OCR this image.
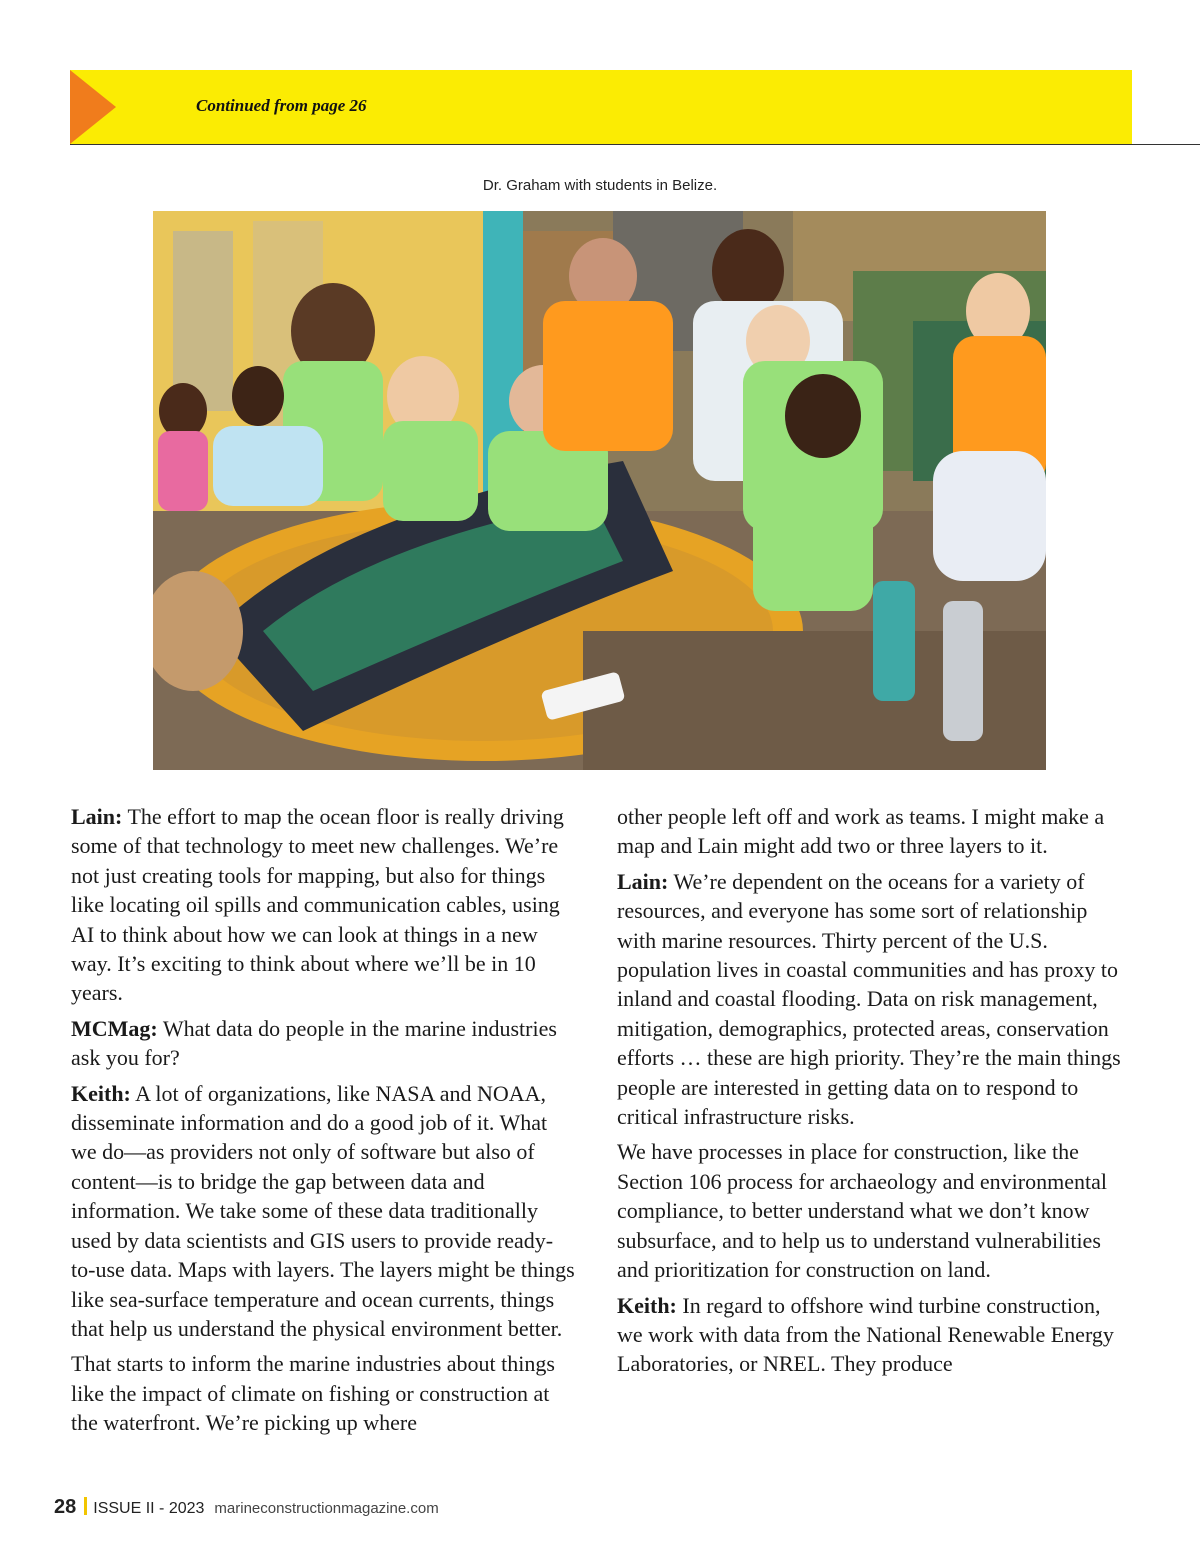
Continued from page 26
Dr. Graham with students in Belize.

Lain: The effort to map the ocean floor is really driving some of that technology to meet new challenges. We’re not just creating tools for mapping, but also for things like locating oil spills and communication cables, using AI to think about how we can look at things in a new way. It’s exciting to think about where we’ll be in 10 years.

MCMag: What data do people in the marine industries ask you for?

Keith: A lot of organizations, like NASA and NOAA, disseminate information and do a good job of it. What we do—as providers not only of software but also of content—is to bridge the gap between data and information. We take some of these data traditionally used by data scientists and GIS users to provide ready-to-use data. Maps with layers. The layers might be things like sea-surface temperature and ocean currents, things that help us understand the physical environment better.

That starts to inform the marine industries about things like the impact of climate on fishing or construction at the waterfront. We’re picking up where

other people left off and work as teams. I might make a map and Lain might add two or three layers to it.

Lain: We’re dependent on the oceans for a variety of resources, and everyone has some sort of relationship with marine resources. Thirty percent of the U.S. population lives in coastal communities and has proxy to inland and coastal flooding. Data on risk management, mitigation, demographics, protected areas, conservation efforts … these are high priority. They’re the main things people are interested in getting data on to respond to critical infrastructure risks.

We have processes in place for construction, like the Section 106 process for archaeology and environmental compliance, to better understand what we don’t know subsurface, and to help us to understand vulnerabilities and prioritization for construction on land.

Keith: In regard to offshore wind turbine construction, we work with data from the National Renewable Energy Laboratories, or NREL. They produce

28 ISSUE II - 2023 marineconstructionmagazine.com
